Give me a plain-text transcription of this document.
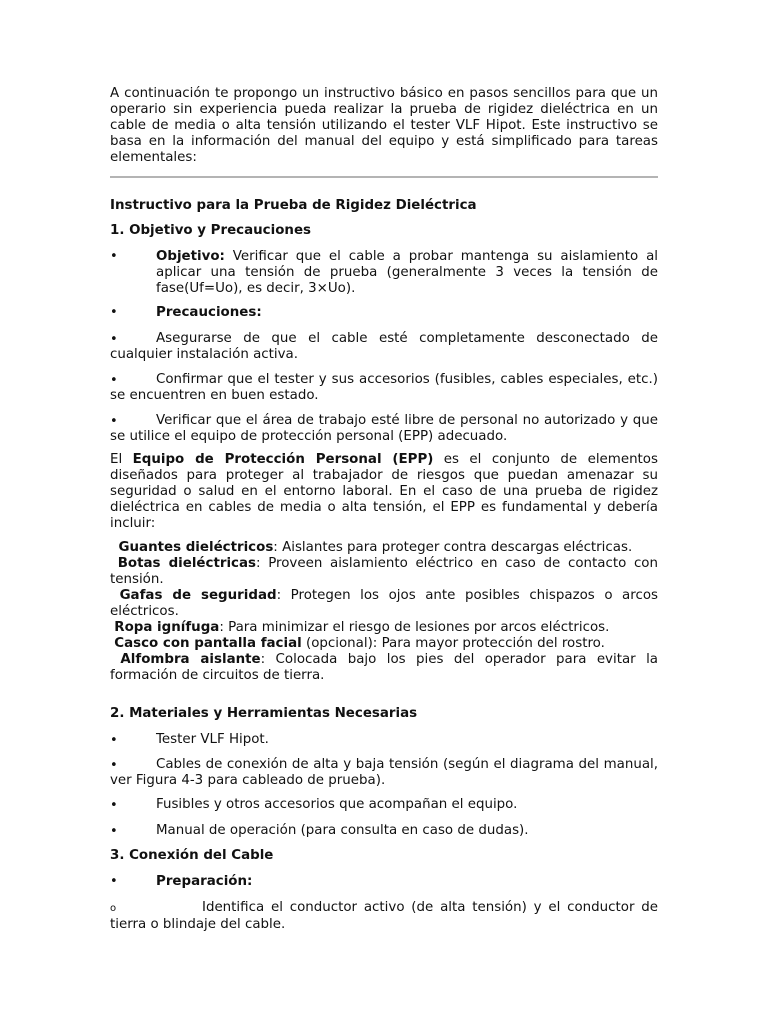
A continuación te propongo un instructivo básico en pasos sencillos para que un operario sin experiencia pueda realizar la prueba de rigidez dieléctrica en un cable de media o alta tensión utilizando el tester VLF Hipot. Este instructivo se basa en la información del manual del equipo y está simplificado para tareas elementales:

Instructivo para la Prueba de Rigidez Dieléctrica

1. Objetivo y Precauciones

•
Objetivo: Verificar que el cable a probar mantenga su aislamiento al aplicar una tensión de prueba (generalmente 3 veces la tensión de fase(Uf=Uo), es decir, 3×Uo).
•
Precauciones:

•Asegurarse de que el cable esté completamente desconectado de cualquier instalación activa.

•Confirmar que el tester y sus accesorios (fusibles, cables especiales, etc.) se encuentren en buen estado.

•Verificar que el área de trabajo esté libre de personal no autorizado y que se utilice el equipo de protección personal (EPP) adecuado.

El Equipo de Protección Personal (EPP) es el conjunto de elementos diseñados para proteger al trabajador de riesgos que puedan amenazar su seguridad o salud en el entorno laboral. En el caso de una prueba de rigidez dieléctrica en cables de media o alta tensión, el EPP es fundamental y debería incluir:

Guantes dieléctricos: Aislantes para proteger contra descargas eléctricas.

Botas dieléctricas: Proveen aislamiento eléctrico en caso de contacto con tensión.

Gafas de seguridad: Protegen los ojos ante posibles chispazos o arcos eléctricos.

Ropa ignífuga: Para minimizar el riesgo de lesiones por arcos eléctricos.

Casco con pantalla facial (opcional): Para mayor protección del rostro.

Alfombra aislante: Colocada bajo los pies del operador para evitar la formación de circuitos de tierra.

2. Materiales y Herramientas Necesarias

•Tester VLF Hipot.

•Cables de conexión de alta y baja tensión (según el diagrama del manual, ver Figura 4-3 para cableado de prueba).

•Fusibles y otros accesorios que acompañan el equipo.

•Manual de operación (para consulta en caso de dudas).

3. Conexión del Cable

•
Preparación:

o	Identifica el conductor activo (de alta tensión) y el conductor de tierra o blindaje del cable.
